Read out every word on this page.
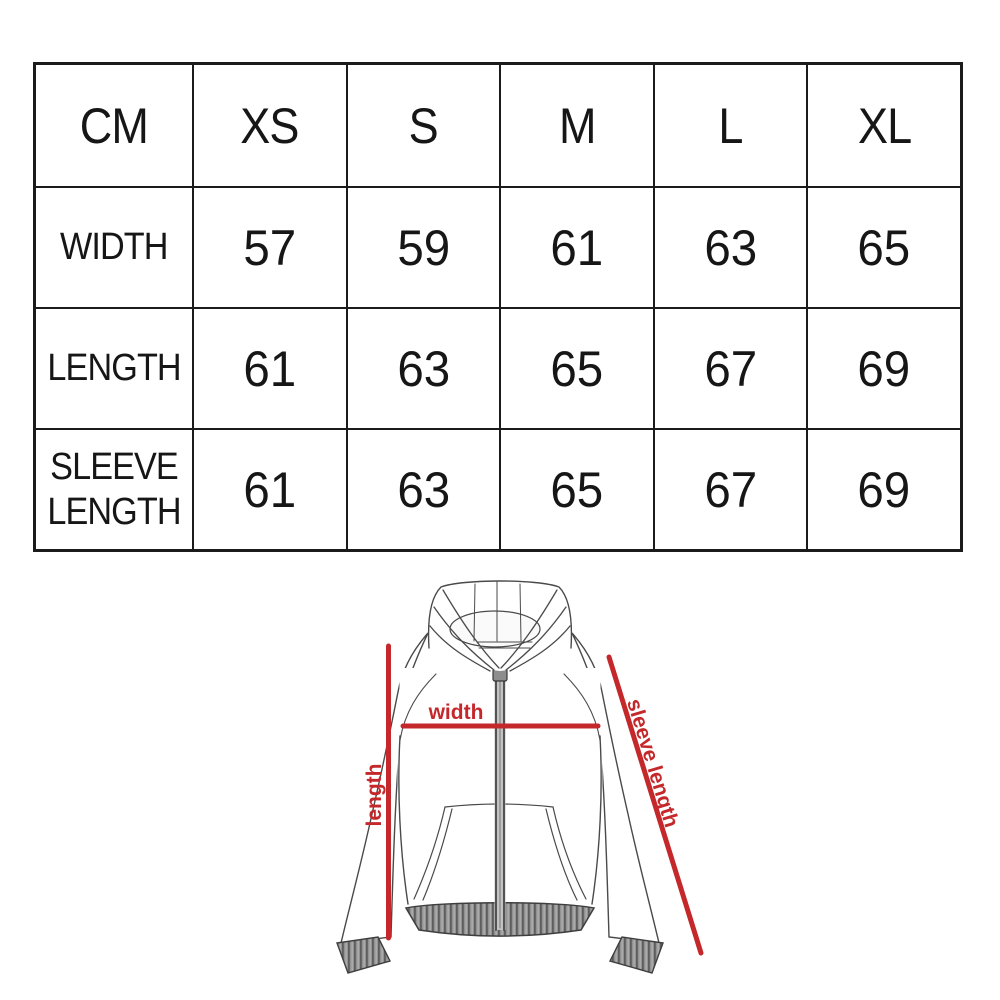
CM XS S M L XL
WIDTH 57 59 61 63 65
LENGTH 61 63 65 67 69
SLEEVE LENGTH 61 63 65 67 69
width
length	sleeve length
